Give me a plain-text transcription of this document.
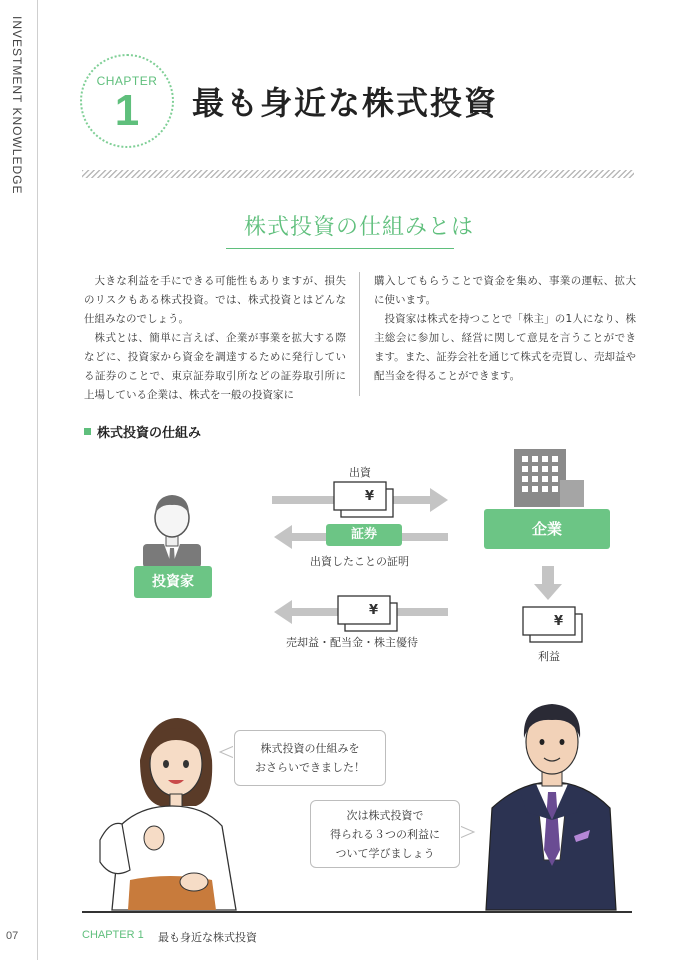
INVESTMENT KNOWLEDGE
07
CHAPTER
1	最も身近な株式投資
株式投資の仕組みとは

大きな利益を手にできる可能性もありますが、損失のリスクもある株式投資。では、株式投資とはどんな仕組みなのでしょう。

株式とは、簡単に言えば、企業が事業を拡大する際などに、投資家から資金を調達するために発行している証券のことで、東京証券取引所などの証券取引所に上場している企業は、株式を一般の投資家に

購入してもらうことで資金を集め、事業の運転、拡大に使います。

投資家は株式を持つことで「株主」の1人になり、株主総会に参加し、経営に関して意見を言うことができます。また、証券会社を通じて株式を売買し、売却益や配当金を得ることができます。

株式投資の仕組み
投資家
企業
証券
出資
出資したことの証明
売却益・配当金・株主優待
利益
¥
¥
¥
株式投資の仕組みを
おさらいできました！
次は株式投資で
得られる３つの利益に
ついて学びましょう
CHAPTER 1 最も身近な株式投資
